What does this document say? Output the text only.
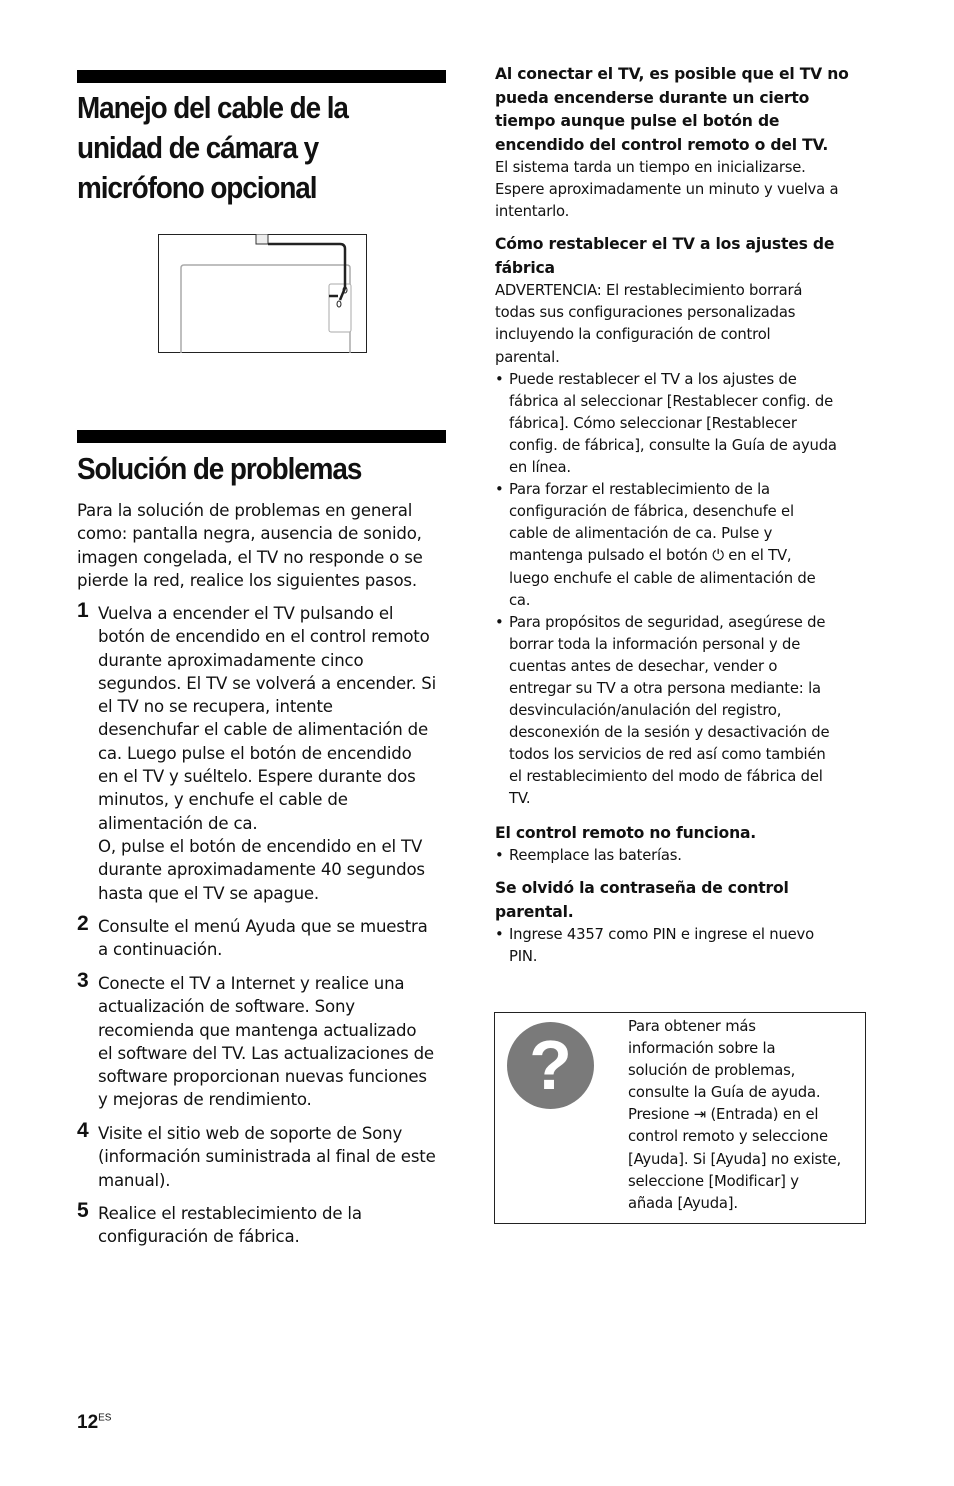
Manejo del cable de la
unidad de cámara y
micrófono opcional
Solución de problemas
Para la solución de problemas en general
como: pantalla negra, ausencia de sonido,
imagen congelada, el TV no responde o se
pierde la red, realice los siguientes pasos.
1 Vuelva a encender el TV pulsando el
botón de encendido en el control remoto
durante aproximadamente cinco
segundos. El TV se volverá a encender. Si
el TV no se recupera, intente
desenchufar el cable de alimentación de
ca. Luego pulse el botón de encendido
en el TV y suéltelo. Espere durante dos
minutos, y enchufe el cable de
alimentación de ca.
O, pulse el botón de encendido en el TV
durante aproximadamente 40 segundos
hasta que el TV se apague.
2 Consulte el menú Ayuda que se muestra
a continuación.
3 Conecte el TV a Internet y realice una
actualización de software. Sony
recomienda que mantenga actualizado
el software del TV. Las actualizaciones de
software proporcionan nuevas funciones
y mejoras de rendimiento.
4 Visite el sitio web de soporte de Sony
(información suministrada al final de este
manual).
5 Realice el restablecimiento de la
configuración de fábrica.
Al conectar el TV, es posible que el TV no
pueda encenderse durante un cierto
tiempo aunque pulse el botón de
encendido del control remoto o del TV.
El sistema tarda un tiempo en inicializarse.
Espere aproximadamente un minuto y vuelva a
intentarlo.
Cómo restablecer el TV a los ajustes de
fábrica
ADVERTENCIA: El restablecimiento borrará
todas sus configuraciones personalizadas
incluyendo la configuración de control
parental.
• Puede restablecer el TV a los ajustes de
fábrica al seleccionar [Restablecer config. de
fábrica]. Cómo seleccionar [Restablecer
config. de fábrica], consulte la Guía de ayuda
en línea.
• Para forzar el restablecimiento de la
configuración de fábrica, desenchufe el
cable de alimentación de ca. Pulse y
mantenga pulsado el botón ⏻ en el TV,
luego enchufe el cable de alimentación de
ca.
• Para propósitos de seguridad, asegúrese de
borrar toda la información personal y de
cuentas antes de desechar, vender o
entregar su TV a otra persona mediante: la
desvinculación/anulación del registro,
desconexión de la sesión y desactivación de
todos los servicios de red así como también
el restablecimiento del modo de fábrica del
TV.
El control remoto no funciona.
• Reemplace las baterías.
Se olvidó la contraseña de control
parental.
• Ingrese 4357 como PIN e ingrese el nuevo
PIN.
?	Para obtener más
información sobre la
solución de problemas,
consulte la Guía de ayuda.
Presione ⇥ (Entrada) en el
control remoto y seleccione
[Ayuda]. Si [Ayuda] no existe,
seleccione [Modificar] y
añada [Ayuda].
$12^{ES}$
